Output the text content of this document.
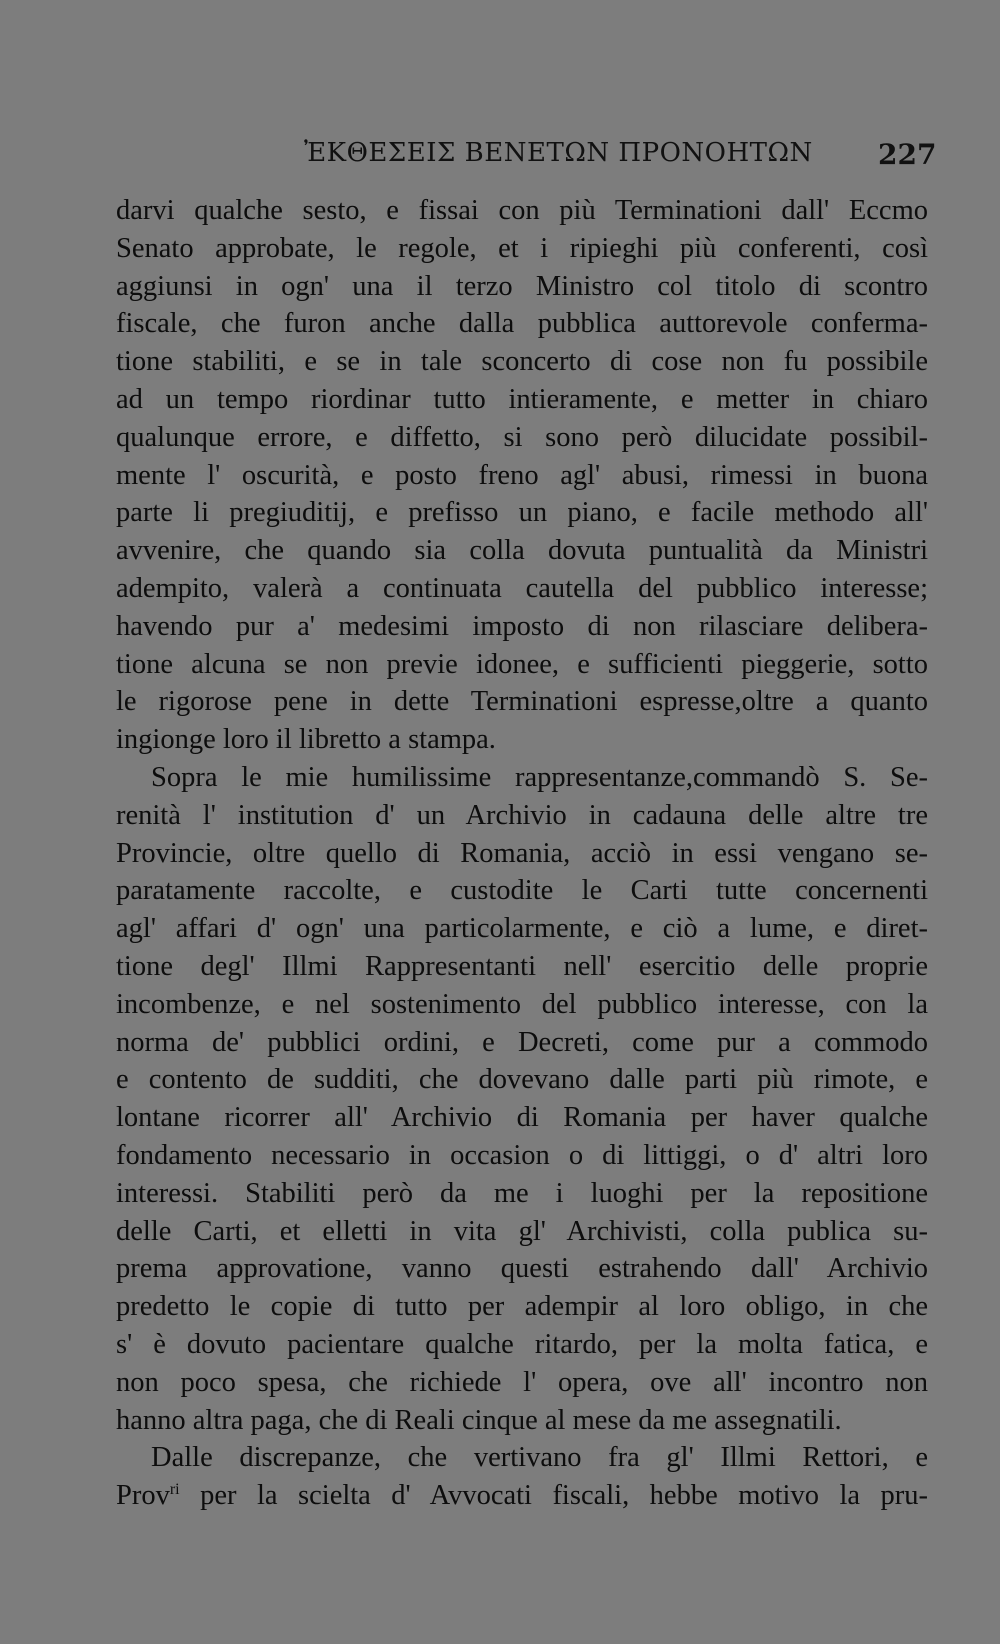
ἘΚΘΕΣΕΙΣ ΒΕΝΕΤΩΝ ΠΡΟΝΟΗΤΩΝ 227
darvi qualche sesto, e fissai con più Terminationi dall' Eccmo
Senato approbate, le regole, et i ripieghi più conferenti, così
aggiunsi in ogn' una il terzo Ministro col titolo di scontro
fiscale, che furon anche dalla pubblica auttorevole conferma-
tione stabiliti, e se in tale sconcerto di cose non fu possibile
ad un tempo riordinar tutto intieramente, e metter in chiaro
qualunque errore, e diffetto, si sono però dilucidate possibil-
mente l' oscurità, e posto freno agl' abusi, rimessi in buona
parte li pregiuditij, e prefisso un piano, e facile methodo all'
avvenire, che quando sia colla dovuta puntualità da Ministri
adempito, valerà a continuata cautella del pubblico interesse;
havendo pur a' medesimi imposto di non rilasciare delibera-
tione alcuna se non previe idonee, e sufficienti pieggerie, sotto
le rigorose pene in dette Terminationi espresse,oltre a quanto
ingionge loro il libretto a stampa.
Sopra le mie humilissime rappresentanze,commandò S. Se-
renità l' institution d' un Archivio in cadauna delle altre tre
Provincie, oltre quello di Romania, acciò in essi vengano se-
paratamente raccolte, e custodite le Carti tutte concernenti
agl' affari d' ogn' una particolarmente, e ciò a lume, e diret-
tione degl' Illmi Rappresentanti nell' esercitio delle proprie
incombenze, e nel sostenimento del pubblico interesse, con la
norma de' pubblici ordini, e Decreti, come pur a commodo
e contento de sudditi, che dovevano dalle parti più rimote, e
lontane ricorrer all' Archivio di Romania per haver qualche
fondamento necessario in occasion o di littiggi, o d' altri loro
interessi. Stabiliti però da me i luoghi per la repositione
delle Carti, et elletti in vita gl' Archivisti, colla publica su-
prema approvatione, vanno questi estrahendo dall' Archivio
predetto le copie di tutto per adempir al loro obligo, in che
s' è dovuto pacientare qualche ritardo, per la molta fatica, e
non poco spesa, che richiede l' opera, ove all' incontro non
hanno altra paga, che di Reali cinque al mese da me assegnatili.
Dalle discrepanze, che vertivano fra gl' Illmi Rettori, e
Prov$^{ri}$ per la scielta d' Avvocati fiscali, hebbe motivo la pru-
